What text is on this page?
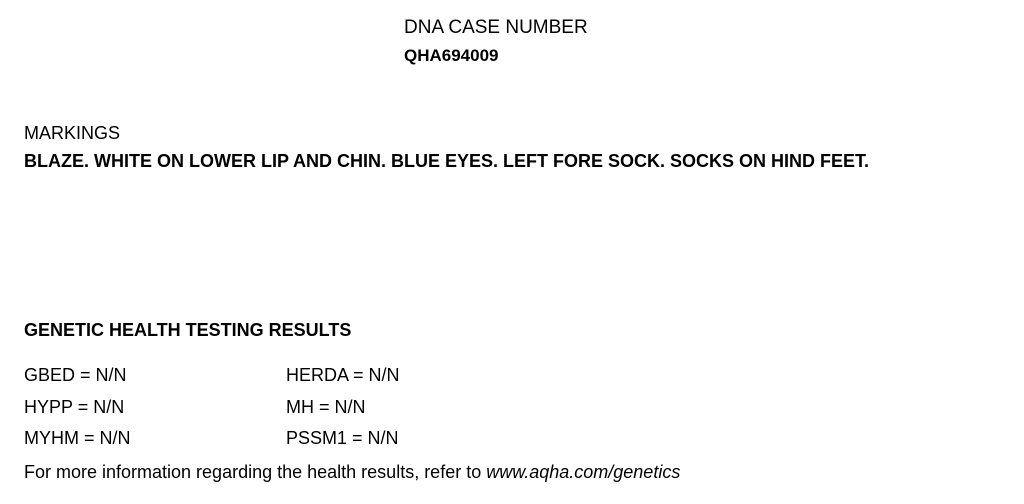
DNA CASE NUMBER
QHA694009
MARKINGS
BLAZE. WHITE ON LOWER LIP AND CHIN. BLUE EYES. LEFT FORE SOCK. SOCKS ON HIND FEET.
GENETIC HEALTH TESTING RESULTS
GBED = N/N	HERDA = N/N
HYPP = N/N	MH = N/N
MYHM = N/N	PSSM1 = N/N
For more information regarding the health results, refer to www.aqha.com/genetics
